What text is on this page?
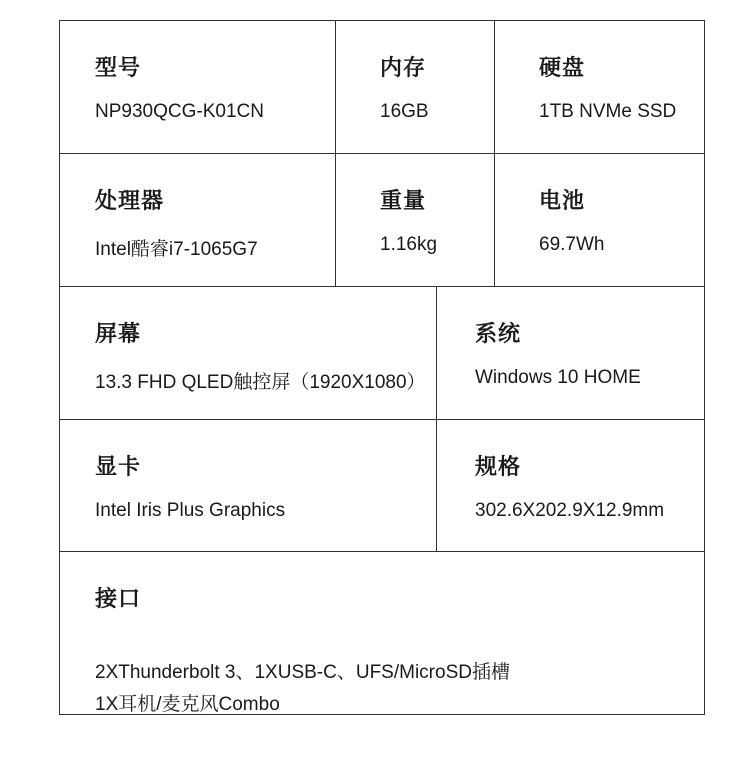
型号
NP930QCG-K01CN
内存
16GB
硬盘
1TB NVMe SSD
处理器
Intel酷睿i7-1065G7
重量
1.16kg
电池
69.7Wh
屏幕
13.3 FHD QLED触控屏（1920X1080）
系统
Windows 10 HOME
显卡
Intel Iris Plus Graphics
规格
302.6X202.9X12.9mm
接口
2XThunderbolt 3、1XUSB-C、UFS/MicroSD插槽
1X耳机/麦克风Combo
